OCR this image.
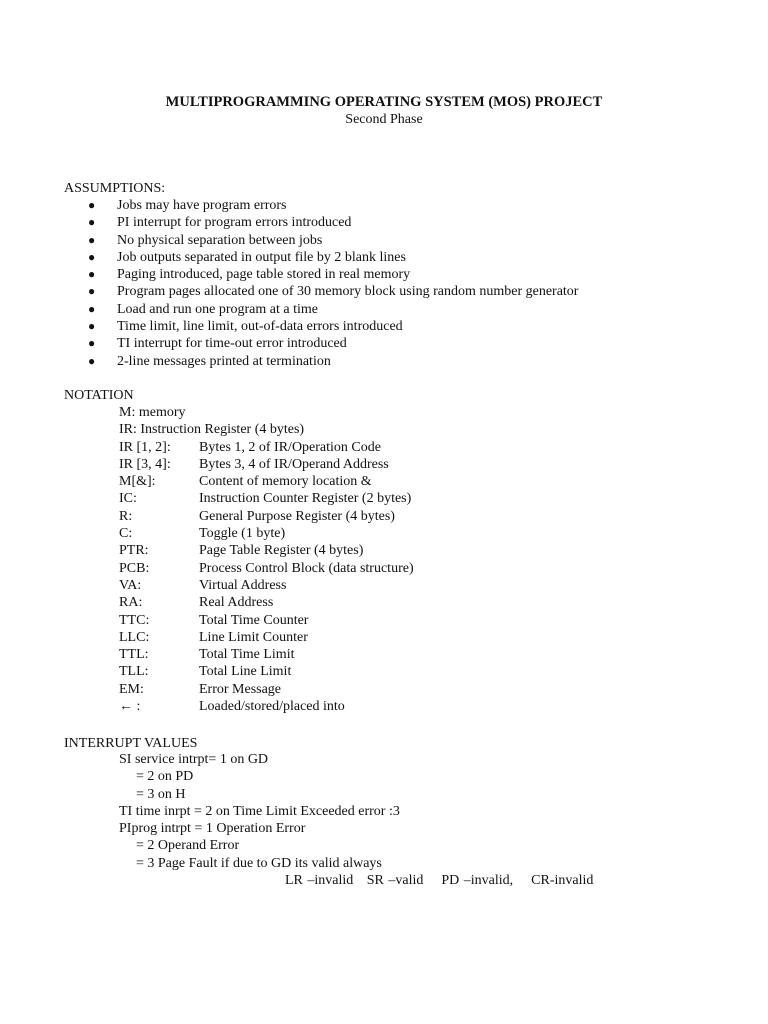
MULTIPROGRAMMING OPERATING SYSTEM (MOS) PROJECT
Second Phase
ASSUMPTIONS:
● Jobs may have program errors
● PI interrupt for program errors introduced
● No physical separation between jobs
● Job outputs separated in output file by 2 blank lines
● Paging introduced, page table stored in real memory
● Program pages allocated one of 30 memory block using random number generator
● Load and run one program at a time
● Time limit, line limit, out-of-data errors introduced
● TI interrupt for time-out error introduced
● 2-line messages printed at termination
NOTATION
M: memory
IR: Instruction Register (4 bytes)
IR [1, 2]: Bytes 1, 2 of IR/Operation Code
IR [3, 4]: Bytes 3, 4 of IR/Operand Address
M[&]:	Content of memory location &
IC:	Instruction Counter Register (2 bytes)
R:	General Purpose Register (4 bytes)
C:	Toggle (1 byte)
PTR:	Page Table Register (4 bytes)
PCB:	Process Control Block (data structure)
VA:	Virtual Address
RA:	Real Address
TTC:	Total Time Counter
LLC:	Line Limit Counter
TTL:	Total Time Limit
TLL:	Total Line Limit
EM:	Error Message
← :	Loaded/stored/placed into
INTERRUPT VALUES
SI service intrpt= 1 on GD
= 2 on PD
= 3 on H
TI time inrpt = 2 on Time Limit Exceeded error :3
PIprog intrpt = 1 Operation Error
= 2 Operand Error
= 3 Page Fault if due to GD its valid always
LR –invalid   SR –valid    PD –invalid,    CR-invalid
